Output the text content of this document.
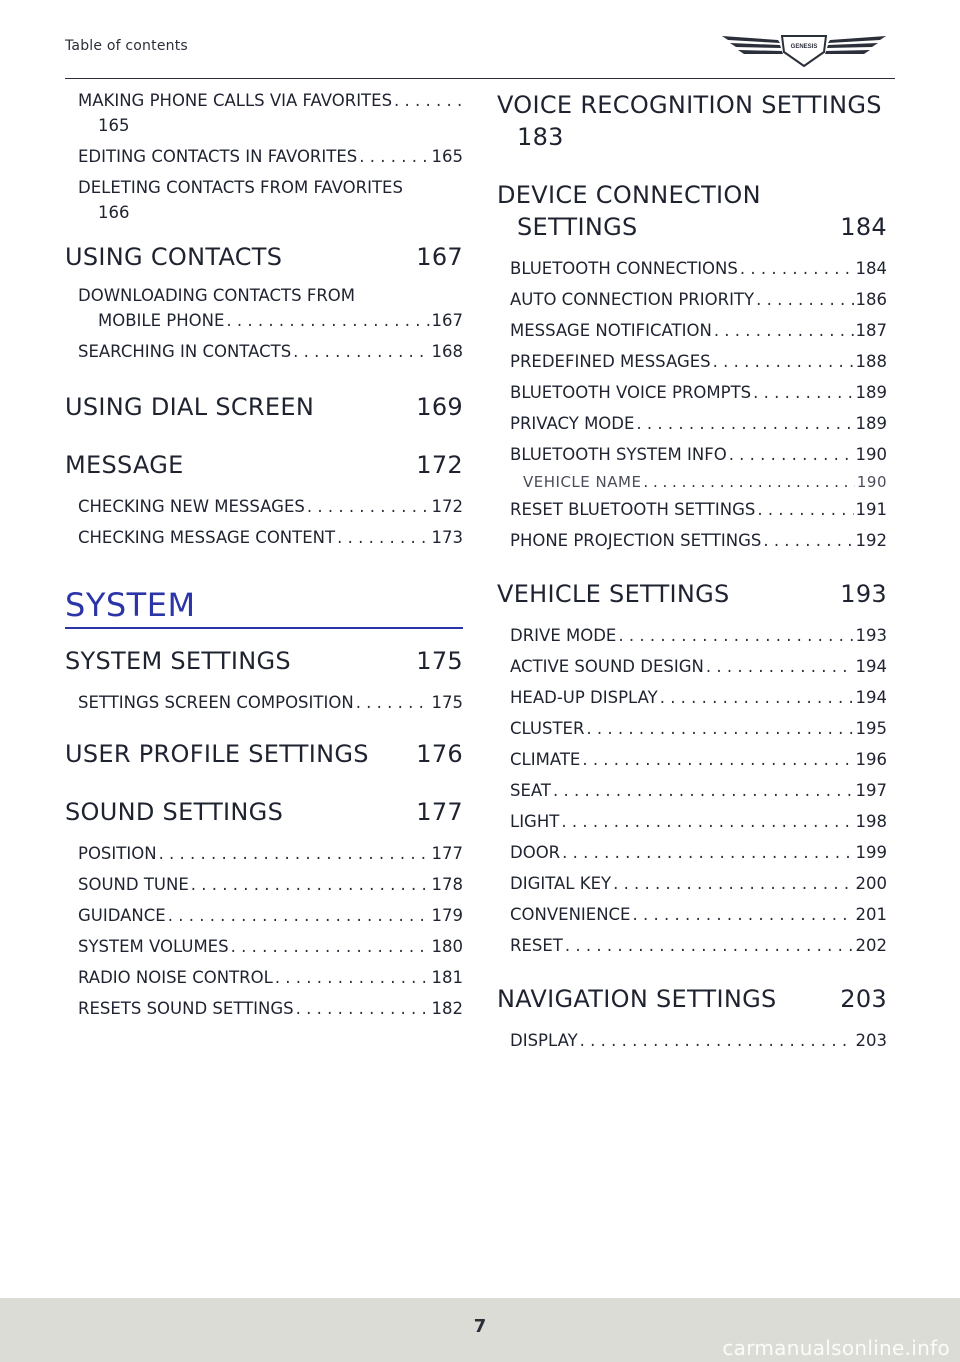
Table of contents	GENESIS
MAKING PHONE CALLS VIA FAVORITES
. . .
165
EDITING CONTACTS IN FAVORITES . . .	165
DELETING CONTACTS FROM FAVORITES
166
USING CONTACTS	167
DOWNLOADING CONTACTS FROM
MOBILE PHONE . . .	167
SEARCHING IN CONTACTS . . .	168
USING DIAL SCREEN	169
MESSAGE	172
CHECKING NEW MESSAGES . . .	172
CHECKING MESSAGE CONTENT . . .	173
SYSTEM
SYSTEM SETTINGS	175
SETTINGS SCREEN COMPOSITION . . .	175
USER PROFILE SETTINGS 176
SOUND SETTINGS	177
POSITION . . .	177
SOUND TUNE . . .	178
GUIDANCE . . .	179
SYSTEM VOLUMES . . .	180
RADIO NOISE CONTROL . . .	181
RESETS SOUND SETTINGS . . .	182
VOICE RECOGNITION SETTINGS
183
DEVICE CONNECTION
SETTINGS	184
BLUETOOTH CONNECTIONS . . .	184
AUTO CONNECTION PRIORITY . . .	186
MESSAGE NOTIFICATION . . .	187
PREDEFINED MESSAGES . . .	188
BLUETOOTH VOICE PROMPTS . . .	189
PRIVACY MODE . . .	189
BLUETOOTH SYSTEM INFO . . .	190
VEHICLE NAME . . .	190
RESET BLUETOOTH SETTINGS . . .	191
PHONE PROJECTION SETTINGS . . .	192
VEHICLE SETTINGS	193
DRIVE MODE . . .	193
ACTIVE SOUND DESIGN . . .	194
HEAD-UP DISPLAY . . .	194
CLUSTER . . .	195
CLIMATE . . .	196
SEAT . . .	197
LIGHT . . .	198
DOOR . . .	199
DIGITAL KEY . . .	200
CONVENIENCE . . .	201
RESET . . .	202
NAVIGATION SETTINGS	203
DISPLAY . . .	203
7
carmanualsonline.info
